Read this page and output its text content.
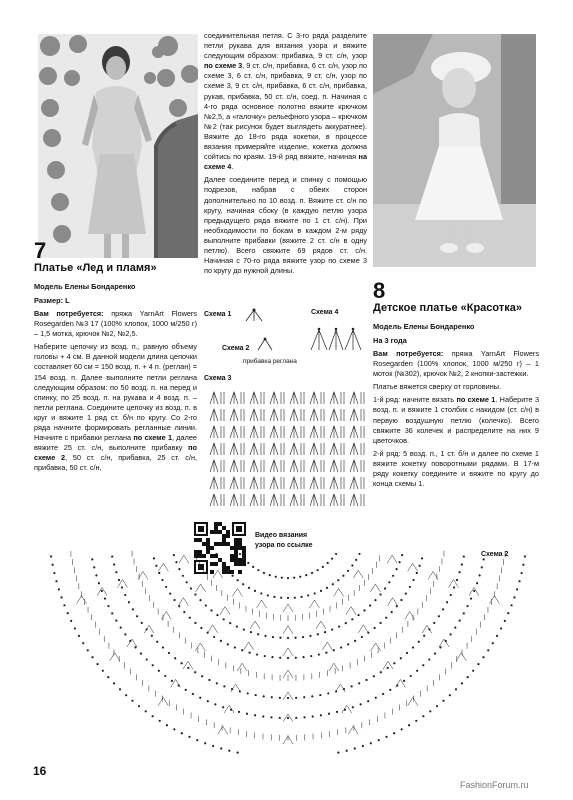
7
Платье «Лед и пламя»
Модель Елены Бондаренко
Размер: L

Вам потребуется: пряжа YarnArt Flowers Rosegarden №3 17 (100% хлопок, 1000 м/250 г) – 1,5 мотка, крючок №2, №2,5.

Наберите цепочку из возд. п., равную объему головы + 4 см. В данной модели длина цепочки составляет 60 см = 150 возд. п. + 4 п. (реглан) = 154 возд. п. Далее выполните петли реглана следующим образом: по 50 возд. п. на перед и спинку, по 25 возд. п. на рукава и 4 возд. п. – петли реглана. Соедините цепочку из возд. п. в круг и вяжите 1 ряд ст. б/н по кругу. Со 2-го ряда начните формировать регланные линии. Начните с прибавки реглана по схеме 1, далее вяжите 25 ст. с/н, выполните прибавку по схеме 2, 50 ст. с/н, прибавка, 25 ст. с/н, прибавка, 50 ст. с/н,

соединительная петля. С 3-го ряда разделите петли рукава для вязания узора и вяжите следующим образом: прибавка, 9 ст. с/н, узор по схеме 3, 9 ст. с/н, прибавка, 6 ст. с/н, узор по схеме 3, 6 ст. с/н, прибавка, 9 ст. с/н, узор по схеме 3, 9 ст. с/н, прибавка, 6 ст. с/н, прибавка, рукав, прибавка, 50 ст. с/н, соед. п. Начиная с 4-го ряда основное полотно вяжите крючком №2,5, а «галочку» рельефного узора – крючком №2 (так рисунок будет выглядеть аккуратнее). Вяжите до 18-го ряда кокетки, в процессе вязания примеряйте изделие, кокетка должна сойтись по краям. 19-й ряд вяжите, начиная на схеме 4.

Далее соедините перед и спинку с помощью подрезов, набрав с обеих сторон дополнительно по 10 возд. п. Вяжите ст. с/н по кругу, начиная сбоку (в каждую петлю узора предыдущего ряда вяжите по 1 ст. с/н). При необходимости по бокам в каждом 2-м ряду выполните прибавки (вяжите 2 ст. с/н в одну петлю). Всего свяжите 69 рядов ст. с/н. Начиная с 70-го ряда вяжите узор по схеме 3 по кругу до нужной длины.

8
Детское платье «Красотка»
Модель Елены Бондаренко
На 3 года

Вам потребуется: пряжа YarnArt Flowers Rosegarden (100% хлопок, 1000 м/250 г) – 1 моток (№302), крючок №2, 2 кнопки-застежки.

Платье вяжется сверху от горловины.

1-й ряд: начните вязать по схеме 1. Наберите 3 возд. п. и вяжите 1 столбик с накидом (ст. с/н) в первую воздушную петлю (колечко). Всего свяжите 36 колечек и распределите на них 9 цветочков.

2-й ряд: 5 возд. п., 1 ст. б/н и далее по схеме 1 вяжите кокетку поворотными рядами. В 17-м ряду кокетку соедините и вяжите по кругу до конца схемы 1.

Схема 1	Схема 4
Схема 2
прибавка реглана
Схема 3
Видео вязания
узора по ссылке
Схема 2
16
FashionForum.ru
